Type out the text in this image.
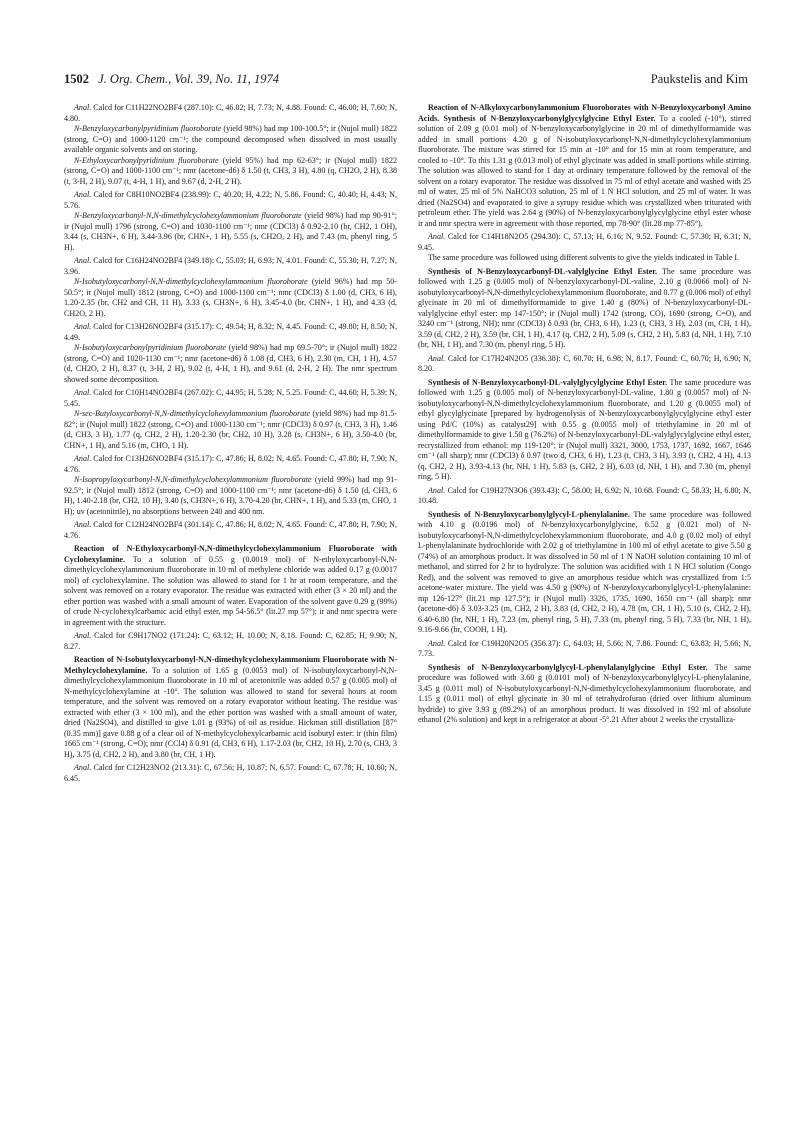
1502 J. Org. Chem., Vol. 39, No. 11, 1974	Paukstelis and Kim

Anal. Calcd for C11H22NO2BF4 (287.10): C, 46.02; H, 7.73; N, 4.88. Found: C, 46.00; H, 7.60; N, 4.80.

N-Benzyloxycarbonylpyridinium fluoroborate (yield 98%) had mp 100-100.5°; ir (Nujol mull) 1822 (strong, C=O) and 1000-1120 cm⁻¹; the compound decomposed when dissolved in most usually available organic solvents and on storing.

N-Ethyloxycarbonylpyridinium fluoroborate (yield 95%) had mp 62-63°; ir (Nujol mull) 1822 (strong, C=O) and 1000-1100 cm⁻¹; nmr (acetone-d6) δ 1.50 (t, CH3, 3 H), 4.80 (q, CH2O, 2 H), 8.38 (t, 3-H, 2 H), 9.07 (t, 4-H, 1 H), and 9.67 (d, 2-H, 2 H).

Anal. Calcd for C8H10NO2BF4 (238.99): C, 40.20; H, 4.22; N, 5.86. Found: C, 40.40; H, 4.43; N, 5.76.

N-Benzyloxycarbonyl-N,N-dimethylcyclohexylammonium fluoroborate (yield 98%) had mp 90-91°; ir (Nujol mull) 1796 (strong, C=O) and 1030-1100 cm⁻¹; nmr (CDCl3) δ 0.92-2.10 (br, CH2, 1 OH), 3.44 (s, CH3N+, 6 H), 3.44-3.96 (br, CHN+, 1 H), 5.55 (s, CH2O, 2 H), and 7.43 (m, phenyl ring, 5 H).

Anal. Calcd for C16H24NO2BF4 (349.18): C, 55.03; H, 6.93; N, 4.01. Found: C, 55.30; H, 7.27; N, 3.96.

N-Isobutyloxycarbonyl-N,N-dimethylcyclohexylammonium fluoroborate (yield 96%) had mp 50-50.5°; ir (Nujol mull) 1812 (strong, C=O) and 1000-1100 cm⁻¹; nmr (CDCl3) δ 1.00 (d, CH3, 6 H), 1.20-2.35 (br, CH2 and CH, 11 H), 3.33 (s, CH3N+, 6 H), 3.45-4.0 (br, CHN+, 1 H), and 4.33 (d, CH2O, 2 H).

Anal. Calcd for C13H26NO2BF4 (315.17): C, 49.54; H, 8.32; N, 4.45. Found: C, 49.80; H, 8.50; N, 4.49.

N-Isobutyloxycarbonylpyridinium fluoroborate (yield 98%) had mp 69.5-70°; ir (Nujol mull) 1822 (strong, C=O) and 1020-1130 cm⁻¹; nmr (acetone-d6) δ 1.08 (d, CH3, 6 H), 2.30 (m, CH, 1 H), 4.57 (d, CH2O, 2 H), 8.37 (t, 3-H, 2 H), 9.02 (t, 4-H, 1 H), and 9.61 (d, 2-H, 2 H). The nmr spectrum showed some decomposition.

Anal. Calcd for C10H14NO2BF4 (267.02): C, 44.95; H, 5.28; N, 5.25. Found: C, 44.60; H, 5.39; N, 5.45.

N-sec-Butyloxycarbonyl-N,N-dimethylcyclohexylammonium fluoroborate (yield 98%) had mp 81.5-82°; ir (Nujol mull) 1822 (strong, C=O) and 1000-1130 cm⁻¹; nmr (CDCl3) δ 0.97 (t, CH3, 3 H), 1.46 (d, CH3, 3 H), 1.77 (q, CH2, 2 H), 1.20-2.30 (br, CH2, 10 H), 3.28 (s, CH3N+, 6 H), 3.50-4.0 (br, CHN+, 1 H), and 5.16 (m, CHO, 1 H).

Anal. Calcd for C13H26NO2BF4 (315.17): C, 47.86; H, 8.02; N, 4.65. Found: C, 47.80; H, 7.90; N, 4.76.

N-Isopropyloxycarbonyl-N,N-dimethylcyclohexylammonium fluoroborate (yield 99%) had mp 91-92.5°; ir (Nujol mull) 1812 (strong, C=O) and 1000-1100 cm⁻¹; nmr (acetone-d6) δ 1.50 (d, CH3, 6 H), 1.40-2.18 (br, CH2, 10 H), 3.40 (s, CH3N+, 6 H), 3.70-4.20 (br, CHN+, 1 H), and 5.33 (m, CHO, 1 H); uv (acetonitrile), no absorptions between 240 and 400 nm.

Anal. Calcd for C12H24NO2BF4 (301.14): C, 47.86; H, 8.02; N, 4.65. Found: C, 47.80; H, 7.90; N, 4.76.

Reaction of N-Ethyloxycarbonyl-N,N-dimethylcyclohexylammonium Fluoroborate with Cyclohexylamine. To a solution of 0.55 g (0.0019 mol) of N-ethyloxycarbonyl-N,N-dimethylcyclohexylammonium fluoroborate in 10 ml of methylene chloride was added 0.17 g (0.0017 mol) of cyclohexylamine. The solution was allowed to stand for 1 hr at room temperature, and the solvent was removed on a rotary evaporator. The residue was extracted with ether (3 × 20 ml) and the ether portion was washed with a small amount of water. Evaporation of the solvent gave 0.29 g (99%) of crude N-cyclohexylcarbamic acid ethyl ester, mp 54-56.5° (lit.27 mp 57°); ir and nmr spectra were in agreement with the structure.

Anal. Calcd for C9H17NO2 (171.24): C, 63.12; H, 10.00; N, 8.18. Found: C, 62.85; H, 9.90; N, 8.27.

Reaction of N-Isobutyloxycarbonyl-N,N-dimethylcyclohexylammonium Fluoroborate with N-Methylcyclohexylamine. To a solution of 1.65 g (0.0053 mol) of N-isobutyloxycarbonyl-N,N-dimethylcyclohexylammonium fluoroborate in 10 ml of acetonitrile was added 0.57 g (0.005 mol) of N-methylcyclohexylamine at -10°. The solution was allowed to stand for several hours at room temperature, and the solvent was removed on a rotary evaporator without heating. The residue was extracted with ether (3 × 100 ml), and the ether portion was washed with a small amount of water, dried (Na2SO4), and distilled to give 1.01 g (93%) of oil as residue. Hickman still distillation [87° (0.35 mm)] gave 0.88 g of a clear oil of N-methylcyclohexylcarbamic acid isobutyl ester: ir (thin film) 1665 cm⁻¹ (strong, C=O); nmr (CCl4) δ 0.91 (d, CH3, 6 H), 1.17-2.03 (br, CH2, 10 H), 2.70 (s, CH3, 3 H), 3.75 (d, CH2, 2 H), and 3.80 (br, CH, 1 H).

Anal. Calcd for C12H23NO2 (213.31): C, 67.56; H, 10.87; N, 6.57. Found: C, 67.78; H, 10.60; N, 6.45.

Reaction of N-Alkyloxycarbonylammonium Fluoroborates with N-Benzyloxycarbonyl Amino Acids. Synthesis of N-Benzyloxycarbonylglycylglycine Ethyl Ester. To a cooled (-10°), stirred solution of 2.09 g (0.01 mol) of N-benzyloxycarbonylglycine in 20 ml of dimethylformamide was added in small portions 4.20 g of N-isobutyloxycarbonyl-N,N-dimethylcyclohexylammonium fluoroborate. The mixture was stirred for 15 min at -10° and for 15 min at room temperature, and cooled to -10°. To this 1.31 g (0.013 mol) of ethyl glycinate was added in small portions while stirring. The solution was allowed to stand for 1 day at ordinary temperature followed by the removal of the solvent on a rotary evaporator. The residue was dissolved in 75 ml of ethyl acetate and washed with 25 ml of water, 25 ml of 5% NaHCO3 solution, 25 ml of 1 N HCl solution, and 25 ml of water. It was dried (Na2SO4) and evaporated to give a syrupy residue which was crystallized when triturated with petroleum ether. The yield was 2.64 g (90%) of N-benzyloxycarbonylglycylglycine ethyl ester whose ir and nmr spectra were in agreement with those reported, mp 78-90° (lit.28 mp 77-85°).

Anal. Calcd for C14H18N2O5 (294.30): C, 57.13; H, 6.16; N, 9.52. Found: C, 57.30; H, 6.31; N, 9.45.

The same procedure was followed using different solvents to give the yields indicated in Table I.

Synthesis of N-Benzyloxycarbonyl-DL-valylglycine Ethyl Ester. The same procedure was followed with 1.25 g (0.005 mol) of N-benzyloxycarbonyl-DL-valine, 2.10 g (0.0066 mol) of N-isobutyloxycarbonyl-N,N-dimethylcyclohexylammonium fluoroborate, and 0.77 g (0.006 mol) of ethyl glycinate in 20 ml of dimethylformamide to give 1.40 g (80%) of N-benzyloxycarbonyl-DL-valylglycine ethyl ester: mp 147-150°; ir (Nujol mull) 1742 (strong, CO), 1690 (strong, C=O), and 3240 cm⁻¹ (strong, NH); nmr (CDCl3) δ 0.93 (br, CH3, 6 H), 1.23 (t, CH3, 3 H), 2.03 (m, CH, 1 H), 3.59 (d, CH2, 2 H), 3.59 (br, CH, 1 H), 4.17 (q, CH2, 2 H), 5.09 (s, CH2, 2 H), 5.83 (d, NH, 1 H), 7.10 (br, NH, 1 H), and 7.30 (m, phenyl ring, 5 H).

Anal. Calcd for C17H24N2O5 (336.38): C, 60.70; H, 6.98; N, 8.17. Found: C, 60.70; H, 6.90; N, 8.20.

Synthesis of N-Benzyloxycarbonyl-DL-valylglycylglycine Ethyl Ester. The same procedure was followed with 1.25 g (0.005 mol) of N-benzyloxycarbonyl-DL-valine, 1.80 g (0.0057 mol) of N-isobutyloxycarbonyl-N,N-dimethylcyclohexylammonium fluoroborate, and 1.20 g (0.0055 mol) of ethyl glycylglycinate [prepared by hydrogenolysis of N-benzyloxycarbonylglycylglycine ethyl ester using Pd/C (10%) as catalyst29] with 0.55 g (0.0055 mol) of triethylamine in 20 ml of dimethylformamide to give 1.50 g (76.2%) of N-benzyloxycarbonyl-DL-valylglycylglycine ethyl ester, recrystallized from ethanol: mp 119-120°; ir (Nujol mull) 3321, 3000, 1753, 1737, 1692, 1667, 1646 cm⁻¹ (all sharp); nmr (CDCl3) δ 0.97 (two d, CH3, 6 H), 1.23 (t, CH3, 3 H), 3.93 (t, CH2, 4 H), 4.13 (q, CH2, 2 H), 3.93-4.13 (br, NH, 1 H), 5.83 (s, CH2, 2 H), 6.03 (d, NH, 1 H), and 7.30 (m, phenyl ring, 5 H).

Anal. Calcd for C19H27N3O6 (393.43): C, 58.00; H, 6.92; N, 10.68. Found: C, 58.33; H, 6.80; N, 10.48.

Synthesis of N-Benzyloxycarbonylglycyl-L-phenylalanine. The same procedure was followed with 4.10 g (0.0196 mol) of N-benzyloxycarbonylglycine, 6.52 g (0.021 mol) of N-isobutyloxycarbonyl-N,N-dimethylcyclohexylammonium fluoroborate, and 4.0 g (0.02 mol) of ethyl L-phenylalaninate hydrochloride with 2.02 g of triethylamine in 100 ml of ethyl acetate to give 5.50 g (74%) of an amorphous product. It was dissolved in 50 ml of 1 N NaOH solution containing 10 ml of methanol, and stirred for 2 hr to hydrolyze. The solution was acidified with 1 N HCl solution (Congo Red), and the solvent was removed to give an amorphous residue which was crystallized from 1:5 acetone-water mixture. The yield was 4.50 g (90%) of N-benzyloxycarbonylglycyl-L-phenylalanine: mp 126-127° (lit.21 mp 127.5°); ir (Nujol mull) 3326, 1735, 1690, 1650 cm⁻¹ (all sharp); nmr (acetone-d6) δ 3.03-3.25 (m, CH2, 2 H), 3.83 (d, CH2, 2 H), 4.78 (m, CH, 1 H), 5.10 (s, CH2, 2 H), 6.40-6.80 (br, NH, 1 H), 7.23 (m, phenyl ring, 5 H), 7.33 (m, phenyl ring, 5 H), 7.33 (br, NH, 1 H), 9.16-9.66 (br, COOH, 1 H).

Anal. Calcd for C19H20N2O5 (356.37): C, 64.03; H, 5.66; N, 7.86. Found: C, 63.83; H, 5.66; N, 7.73.

Synthesis of N-Benzyloxycarbonylglycyl-L-phenylalanylglycine Ethyl Ester. The same procedure was followed with 3.60 g (0.0101 mol) of N-benzyloxycarbonylglycyl-L-phenylalanine, 3.45 g (0.011 mol) of N-isobutyloxycarbonyl-N,N-dimethylcyclohexylammonium fluoroborate, and 1.15 g (0.011 mol) of ethyl glycinate in 30 ml of tetrahydrofuran (dried over lithium aluminum hydride) to give 3.93 g (89.2%) of an amorphous product. It was dissolved in 192 ml of absolute ethanol (2% solution) and kept in a refrigerator at about -5°.21 After about 2 weeks the crystalliza-
